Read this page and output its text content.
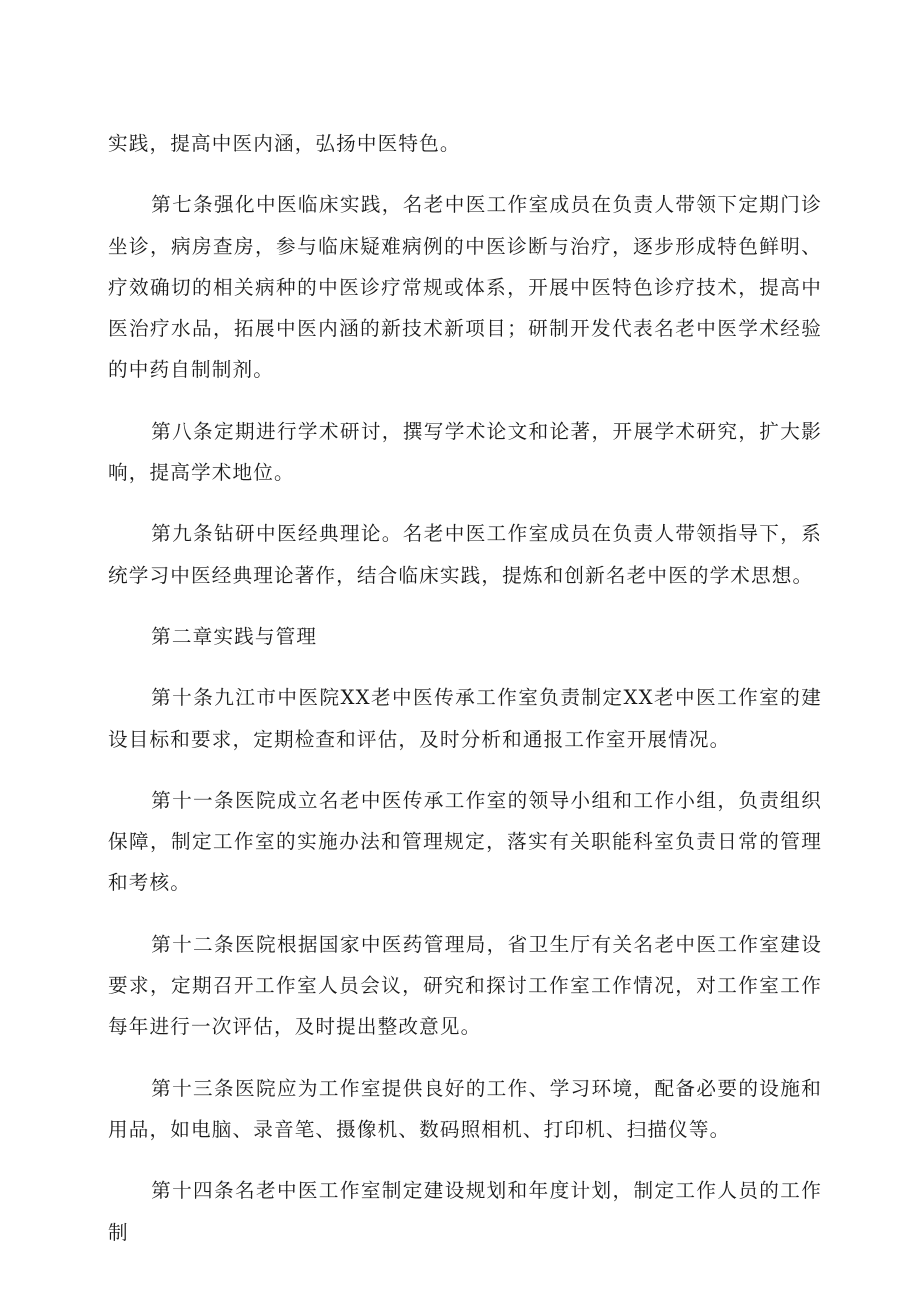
实践，提高中医内涵，弘扬中医特色。

第七条强化中医临床实践，名老中医工作室成员在负责人带领下定期门诊坐诊，病房查房，参与临床疑难病例的中医诊断与治疗，逐步形成特色鲜明、疗效确切的相关病种的中医诊疗常规或体系，开展中医特色诊疗技术，提高中医治疗水品，拓展中医内涵的新技术新项目；研制开发代表名老中医学术经验的中药自制制剂。

第八条定期进行学术研讨，撰写学术论文和论著，开展学术研究，扩大影响，提高学术地位。

第九条钻研中医经典理论。名老中医工作室成员在负责人带领指导下，系统学习中医经典理论著作，结合临床实践，提炼和创新名老中医的学术思想。

第二章实践与管理

第十条九江市中医院XX老中医传承工作室负责制定XX老中医工作室的建设目标和要求，定期检查和评估，及时分析和通报工作室开展情况。

第十一条医院成立名老中医传承工作室的领导小组和工作小组，负责组织保障，制定工作室的实施办法和管理规定，落实有关职能科室负责日常的管理和考核。

第十二条医院根据国家中医药管理局，省卫生厅有关名老中医工作室建设要求，定期召开工作室人员会议，研究和探讨工作室工作情况，对工作室工作每年进行一次评估，及时提出整改意见。

第十三条医院应为工作室提供良好的工作、学习环境，配备必要的设施和用品，如电脑、录音笔、摄像机、数码照相机、打印机、扫描仪等。

第十四条名老中医工作室制定建设规划和年度计划，制定工作人员的工作制
